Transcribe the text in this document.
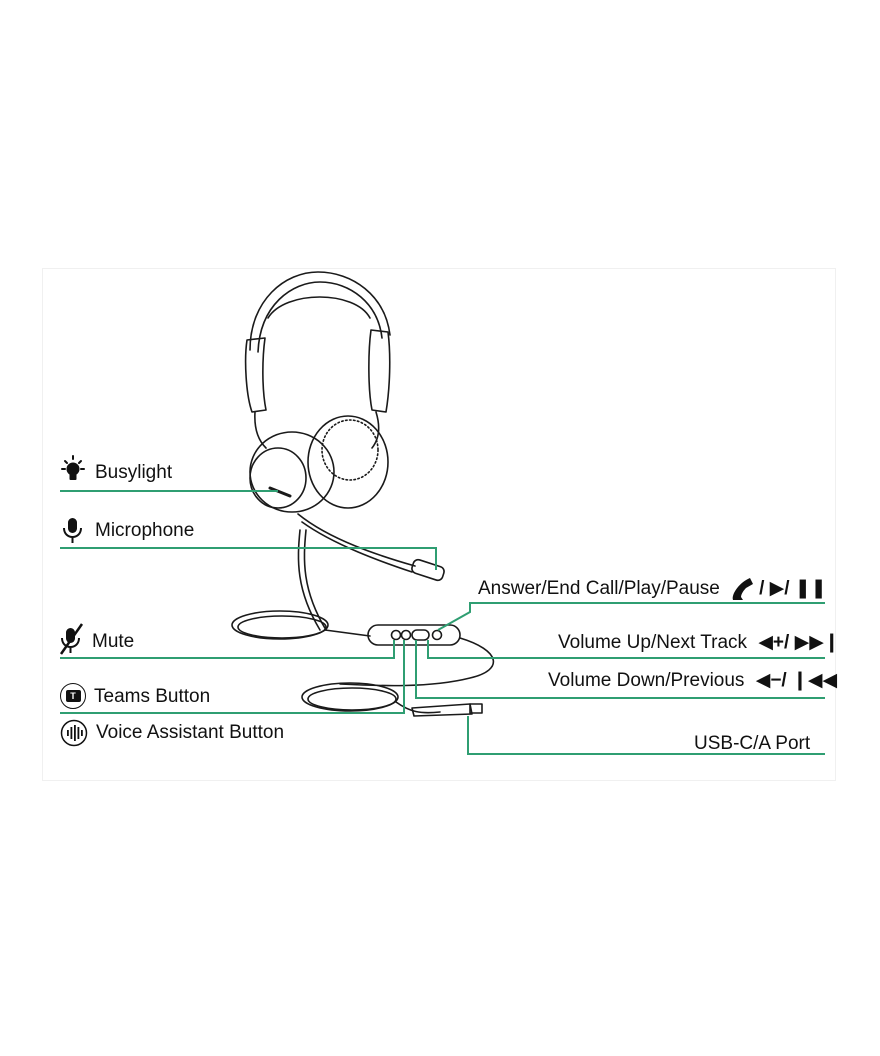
T
Busylight
Microphone
Mute
Teams Button
Voice Assistant Button
Answer/End Call/Play/Pause / ▶/ ❚❚
Volume Up/Next Track ◀+/ ▶▶❙
Volume Down/Previous ◀−/ ❙◀◀
USB-C/A Port
